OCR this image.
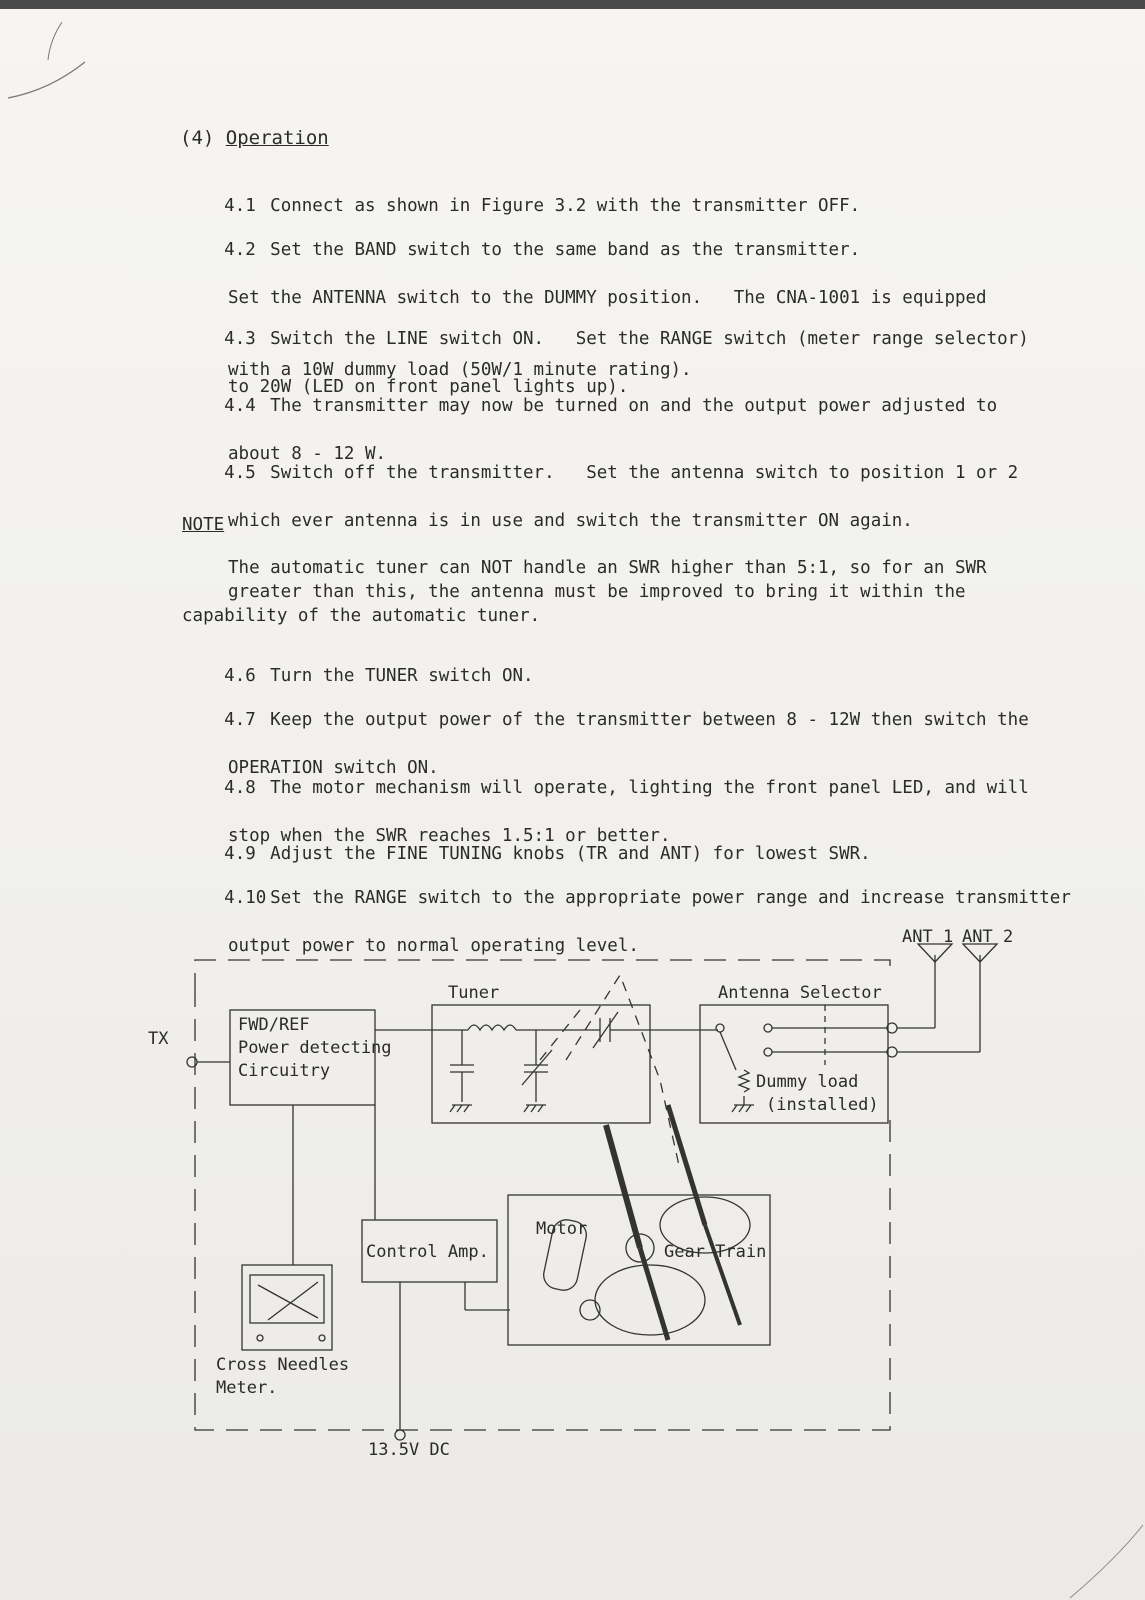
(4) Operation

4.1 Connect as shown in Figure 3.2 with the transmitter OFF.

4.2 Set the BAND switch to the same band as the transmitter.

Set the ANTENNA switch to the DUMMY position.   The CNA-1001 is equipped

with a 10W dummy load (50W/1 minute rating).

4.3 Switch the LINE switch ON.   Set the RANGE switch (meter range selector)

to 20W (LED on front panel lights up).

4.4 The transmitter may now be turned on and the output power adjusted to

about 8 - 12 W.

4.5 Switch off the transmitter.   Set the antenna switch to position 1 or 2

which ever antenna is in use and switch the transmitter ON again.

NOTE
The automatic tuner can NOT handle an SWR higher than 5:1, so for an SWR
greater than this, the antenna must be improved to bring it within the
capability of the automatic tuner.

4.6 Turn the TUNER switch ON.

4.7 Keep the output power of the transmitter between 8 - 12W then switch the

OPERATION switch ON.

4.8 The motor mechanism will operate, lighting the front panel LED, and will

stop when the SWR reaches 1.5:1 or better.

4.9 Adjust the FINE TUNING knobs (TR and ANT) for lowest SWR.

4.10 Set the RANGE switch to the appropriate power range and increase transmitter

output power to normal operating level.

	ANT 1 ANT 2
TX
FWD/REF
Power detecting
Circuitry
Tuner	Antenna Selector
Dummy load
(installed)
Control Amp.
Motor
Gear Train
Cross Needles
Meter.
13.5V DC
